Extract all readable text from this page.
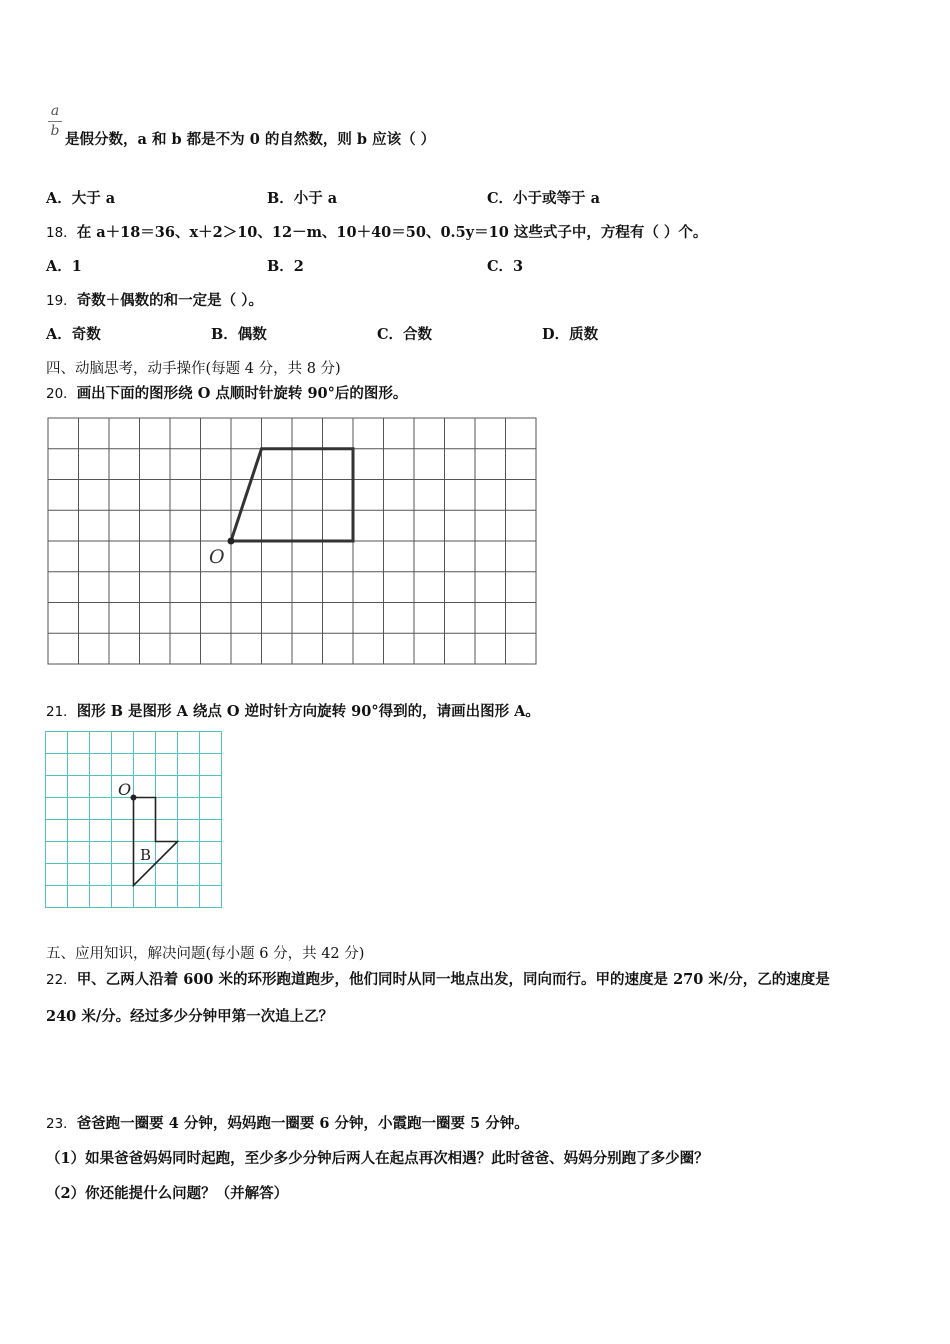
a
b 是假分数，a 和 b 都是不为 0 的自然数，则 b 应该（ ）
A．大于 a	B．小于 a	C．小于或等于 a
18．在 a＋18＝36、x＋2＞10、12－m、10＋40＝50、0.5y＝10 这些式子中，方程有（ ）个。
A．1	B．2	C．3
19．奇数＋偶数的和一定是（ ）。
A．奇数	B．偶数	C．合数	D．质数
四、动脑思考，动手操作(每题 4 分，共 8 分)
20．画出下面的图形绕 O 点顺时针旋转 90°后的图形。
O
21．图形 B 是图形 A 绕点 O 逆时针方向旋转 90°得到的，请画出图形 A。
O
B
五、应用知识，解决问题(每小题 6 分，共 42 分)
22．甲、乙两人沿着 600 米的环形跑道跑步，他们同时从同一地点出发，同向而行。甲的速度是 270 米/分，乙的速度是
240 米/分。经过多少分钟甲第一次追上乙？
23．爸爸跑一圈要 4 分钟，妈妈跑一圈要 6 分钟，小霞跑一圈要 5 分钟。
（1）如果爸爸妈妈同时起跑，至少多少分钟后两人在起点再次相遇？此时爸爸、妈妈分别跑了多少圈？
（2）你还能提什么问题？（并解答）
